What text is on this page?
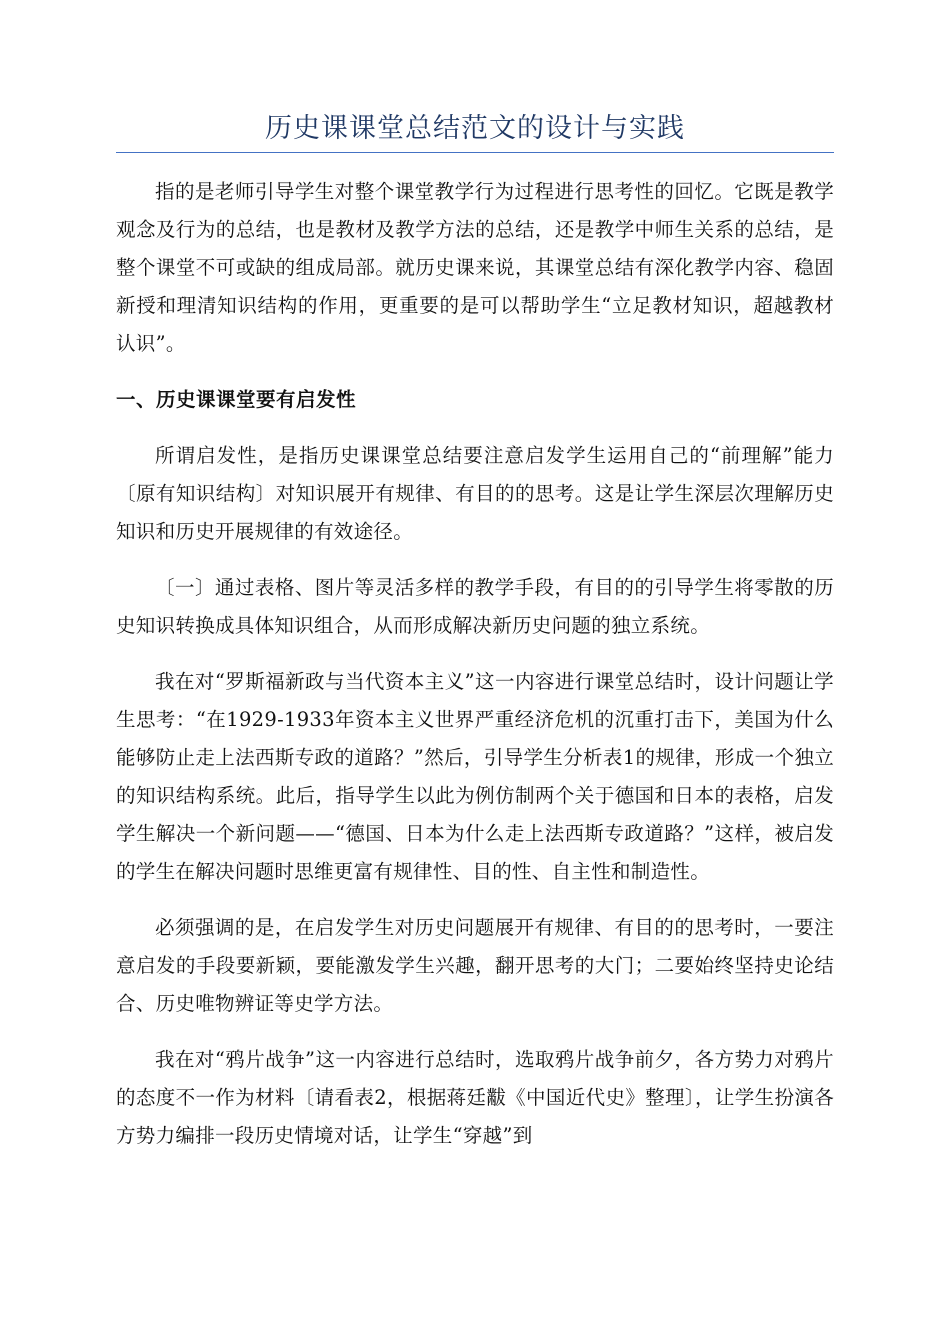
历史课课堂总结范文的设计与实践

指的是老师引导学生对整个课堂教学行为过程进行思考性的回忆。它既是教学观念及行为的总结，也是教材及教学方法的总结，还是教学中师生关系的总结，是整个课堂不可或缺的组成局部。就历史课来说，其课堂总结有深化教学内容、稳固新授和理清知识结构的作用，更重要的是可以帮助学生“立足教材知识，超越教材认识”。

一、历史课课堂要有启发性

所谓启发性，是指历史课课堂总结要注意启发学生运用自己的“前理解”能力〔原有知识结构〕对知识展开有规律、有目的的思考。这是让学生深层次理解历史知识和历史开展规律的有效途径。

〔一〕通过表格、图片等灵活多样的教学手段，有目的的引导学生将零散的历史知识转换成具体知识组合，从而形成解决新历史问题的独立系统。

我在对“罗斯福新政与当代资本主义”这一内容进行课堂总结时，设计问题让学生思考：“在1929-1933年资本主义世界严重经济危机的沉重打击下，美国为什么能够防止走上法西斯专政的道路？”然后，引导学生分析表1的规律，形成一个独立的知识结构系统。此后，指导学生以此为例仿制两个关于德国和日本的表格，启发学生解决一个新问题——“德国、日本为什么走上法西斯专政道路？”这样，被启发的学生在解决问题时思维更富有规律性、目的性、自主性和制造性。

必须强调的是，在启发学生对历史问题展开有规律、有目的的思考时，一要注意启发的手段要新颖，要能激发学生兴趣，翻开思考的大门；二要始终坚持史论结合、历史唯物辨证等史学方法。

我在对“鸦片战争”这一内容进行总结时，选取鸦片战争前夕，各方势力对鸦片的态度不一作为材料〔请看表2，根据蒋廷黻《中国近代史》整理〕，让学生扮演各方势力编排一段历史情境对话，让学生“穿越”到
